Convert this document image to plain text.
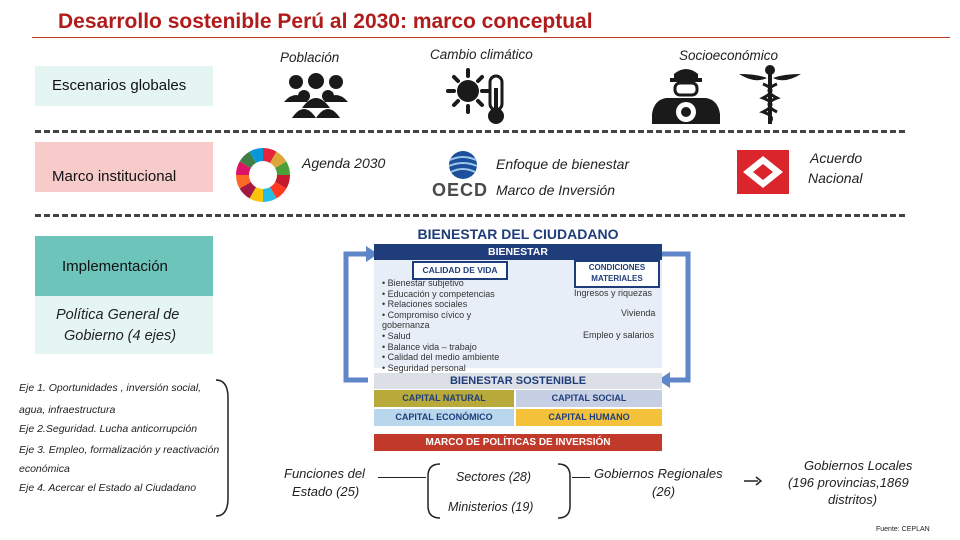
Desarrollo sostenible Perú al 2030: marco conceptual
Escenarios globales
Población	Cambio climático	Socioeconómico
Marco institucional
Agenda 2030
OECD
Enfoque de bienestar
Marco de Inversión
Acuerdo
Nacional
Implementación
Política General de
Gobierno (4 ejes)
Eje 1. Oportunidades , inversión social,
agua, infraestructura
Eje 2.Seguridad. Lucha anticorrupción
Eje 3. Empleo, formalización y reactivación
económica
Eje 4. Acercar el Estado al Ciudadano
BIENESTAR DEL CIUDADANO
BIENESTAR
CALIDAD DE VIDA
• Bienestar subjetivo
• Educación y competencias
• Relaciones sociales
• Compromiso cívico y
gobernanza
• Salud
• Balance vida – trabajo
• Calidad del medio ambiente
• Seguridad personal
CONDICIONES
MATERIALES
Ingresos y riquezas
Vivienda
Empleo y salarios
BIENESTAR SOSTENIBLE
CAPITAL NATURAL	CAPITAL SOCIAL
CAPITAL ECONÓMICO	CAPITAL HUMANO
MARCO DE POLÍTICAS DE INVERSIÓN
Funciones del
Estado (25)
Sectores (28)
Ministerios (19)
Gobiernos Regionales
(26)
Gobiernos Locales
(196 provincias,1869
distritos)
Fuente: CEPLAN
